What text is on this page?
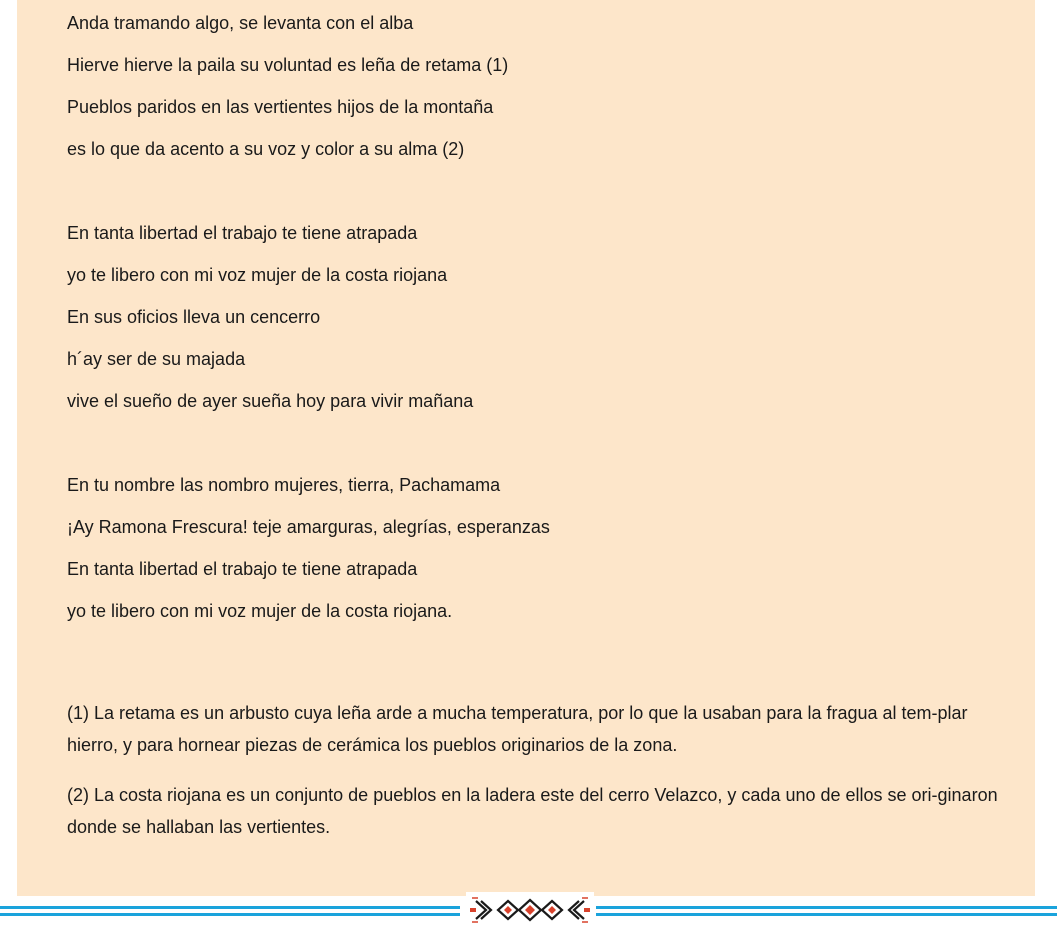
Anda tramando algo, se levanta con el alba

Hierve hierve la paila su voluntad es leña de retama (1)

Pueblos paridos en las vertientes hijos de la montaña

es lo que da acento a su voz y color a su alma (2)

En tanta libertad el trabajo te tiene atrapada

yo te libero con mi voz mujer de la costa riojana

En sus oficios lleva un cencerro

h´ay ser de su majada

vive el sueño de ayer sueña hoy para vivir mañana

En tu nombre las nombro mujeres, tierra, Pachamama

¡Ay Ramona Frescura! teje amarguras, alegrías, esperanzas

En tanta libertad el trabajo te tiene atrapada

yo te libero con mi voz mujer de la costa riojana.

(1) La retama es un arbusto cuya leña arde a mucha temperatura, por lo que la usaban para la fragua al tem-plar hierro, y para hornear piezas de cerámica los pueblos originarios de la zona.

(2) La costa riojana es un conjunto de pueblos en la ladera este del cerro Velazco, y cada uno de ellos se ori-ginaron donde se hallaban las vertientes.
